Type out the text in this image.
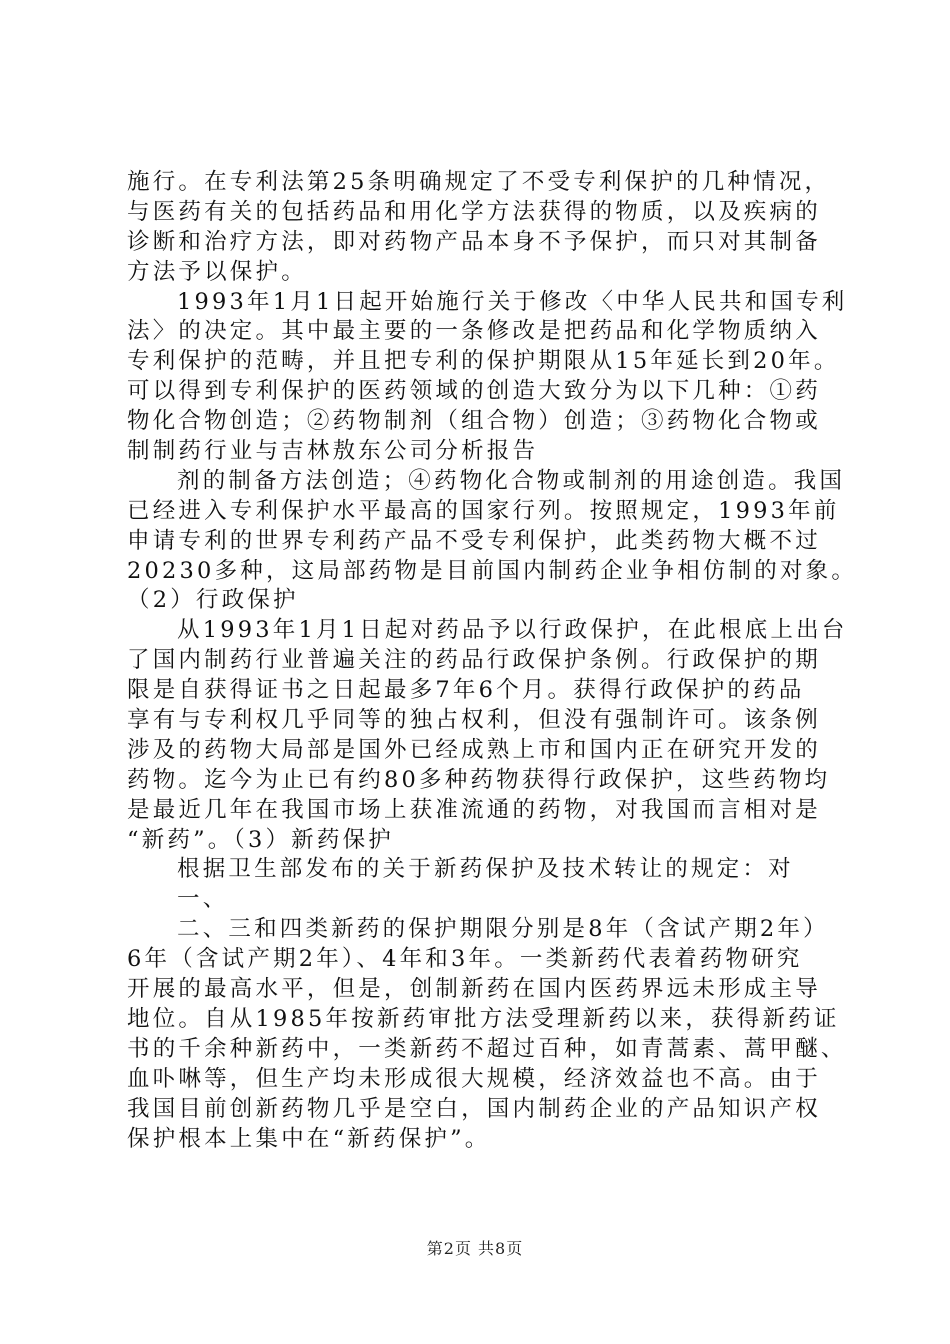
施行。在专利法第25条明确规定了不受专利保护的几种情况，
与医药有关的包括药品和用化学方法获得的物质，以及疾病的
诊断和治疗方法，即对药物产品本身不予保护，而只对其制备
方法予以保护。
1993年1月1日起开始施行关于修改〈中华人民共和国专利
法〉的决定。其中最主要的一条修改是把药品和化学物质纳入
专利保护的范畴，并且把专利的保护期限从15年延长到20年。
可以得到专利保护的医药领域的创造大致分为以下几种：①药
物化合物创造；②药物制剂（组合物）创造；③药物化合物或
制制药行业与吉林敖东公司分析报告
剂的制备方法创造；④药物化合物或制剂的用途创造。我国
已经进入专利保护水平最高的国家行列。按照规定，1993年前
申请专利的世界专利药产品不受专利保护，此类药物大概不过
20230多种，这局部药物是目前国内制药企业争相仿制的对象。
（2）行政保护
从1993年1月1日起对药品予以行政保护，在此根底上出台
了国内制药行业普遍关注的药品行政保护条例。行政保护的期
限是自获得证书之日起最多7年6个月。获得行政保护的药品
享有与专利权几乎同等的独占权利，但没有强制许可。该条例
涉及的药物大局部是国外已经成熟上市和国内正在研究开发的
药物。迄今为止已有约80多种药物获得行政保护，这些药物均
是最近几年在我国市场上获准流通的药物，对我国而言相对是
“新药”。（3）新药保护
根据卫生部发布的关于新药保护及技术转让的规定：对
一、
二、三和四类新药的保护期限分别是8年（含试产期2年）
6年（含试产期2年）、4年和3年。一类新药代表着药物研究
开展的最高水平，但是，创制新药在国内医药界远未形成主导
地位。自从1985年按新药审批方法受理新药以来，获得新药证
书的千余种新药中，一类新药不超过百种，如青蒿素、蒿甲醚、
血卟啉等，但生产均未形成很大规模，经济效益也不高。由于
我国目前创新药物几乎是空白，国内制药企业的产品知识产权
保护根本上集中在“新药保护”。
第2页 共8页
